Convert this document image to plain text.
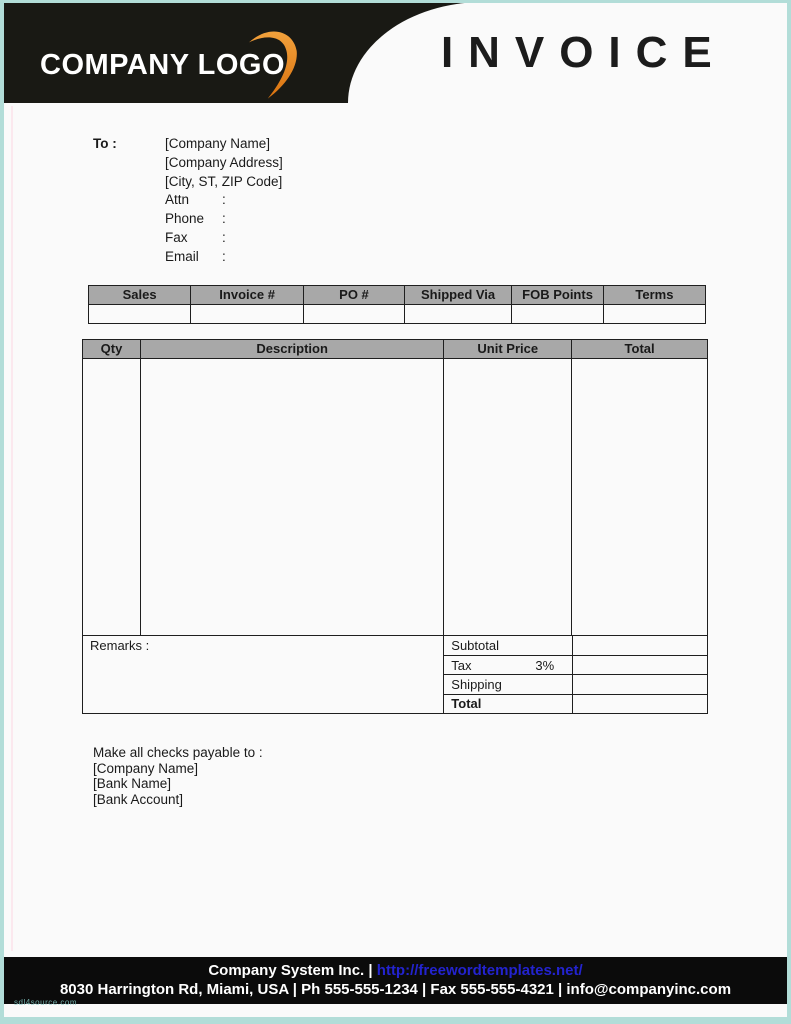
COMPANY LOGO	INVOICE
To :	[Company Name]
[Company Address]
[City, ST, ZIP Code]
Attn :
Phone :
Fax	:
Email :
Sales	Invoice #	PO #	Shipped Via	FOB Points	Terms
Qty	Description	Unit Price	Total
Remarks :	Subtotal
Tax	3%
Shipping
Total
Make all checks payable to :
[Company Name]
[Bank Name]
[Bank Account]
Company System Inc. | http://freewordtemplates.net/
8030 Harrington Rd, Miami, USA | Ph 555-555-1234 | Fax 555-555-4321 | info@companyinc.com
sdl4source.com
